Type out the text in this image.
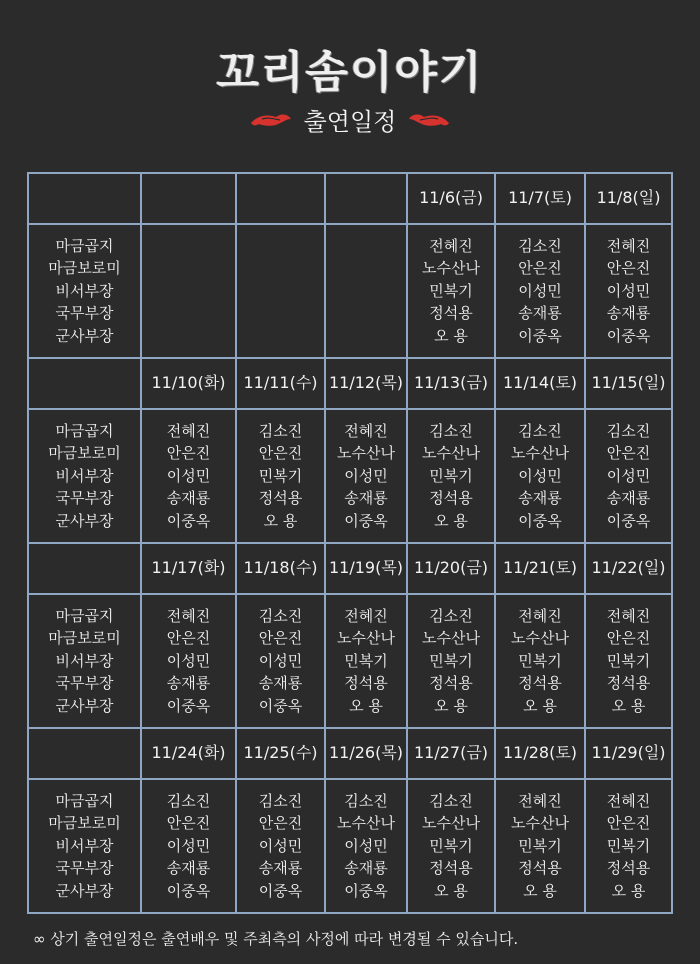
꼬리솜이야기
출연일정
				11/6(금)	11/7(토)	11/8(일)

마금곱지
마금보로미
비서부장
국무부장
군사부장				전혜진
노수산나
민복기
정석용
오 용	김소진
안은진
이성민
송재룡
이중옥	전혜진
안은진
이성민
송재룡
이중옥

	11/10(화)	11/11(수)	11/12(목)	11/13(금)	11/14(토)	11/15(일)

마금곱지
마금보로미
비서부장
국무부장
군사부장	전혜진
안은진
이성민
송재룡
이중옥	김소진
안은진
민복기
정석용
오 용	전혜진
노수산나
이성민
송재룡
이중옥	김소진
노수산나
민복기
정석용
오 용	김소진
노수산나
이성민
송재룡
이중옥	김소진
안은진
이성민
송재룡
이중옥

	11/17(화)	11/18(수)	11/19(목)	11/20(금)	11/21(토)	11/22(일)

마금곱지
마금보로미
비서부장
국무부장
군사부장	전혜진
안은진
이성민
송재룡
이중옥	김소진
안은진
이성민
송재룡
이중옥	전혜진
노수산나
민복기
정석용
오 용	김소진
노수산나
민복기
정석용
오 용	전혜진
노수산나
민복기
정석용
오 용	전혜진
안은진
민복기
정석용
오 용

	11/24(화)	11/25(수)	11/26(목)	11/27(금)	11/28(토)	11/29(일)

마금곱지
마금보로미
비서부장
국무부장
군사부장	김소진
안은진
이성민
송재룡
이중옥	김소진
안은진
이성민
송재룡
이중옥	김소진
노수산나
이성민
송재룡
이중옥	김소진
노수산나
민복기
정석용
오 용	전혜진
노수산나
민복기
정석용
오 용	전혜진
안은진
민복기
정석용
오 용
∞ 상기 출연일정은 출연배우 및 주최측의 사정에 따라 변경될 수 있습니다.
